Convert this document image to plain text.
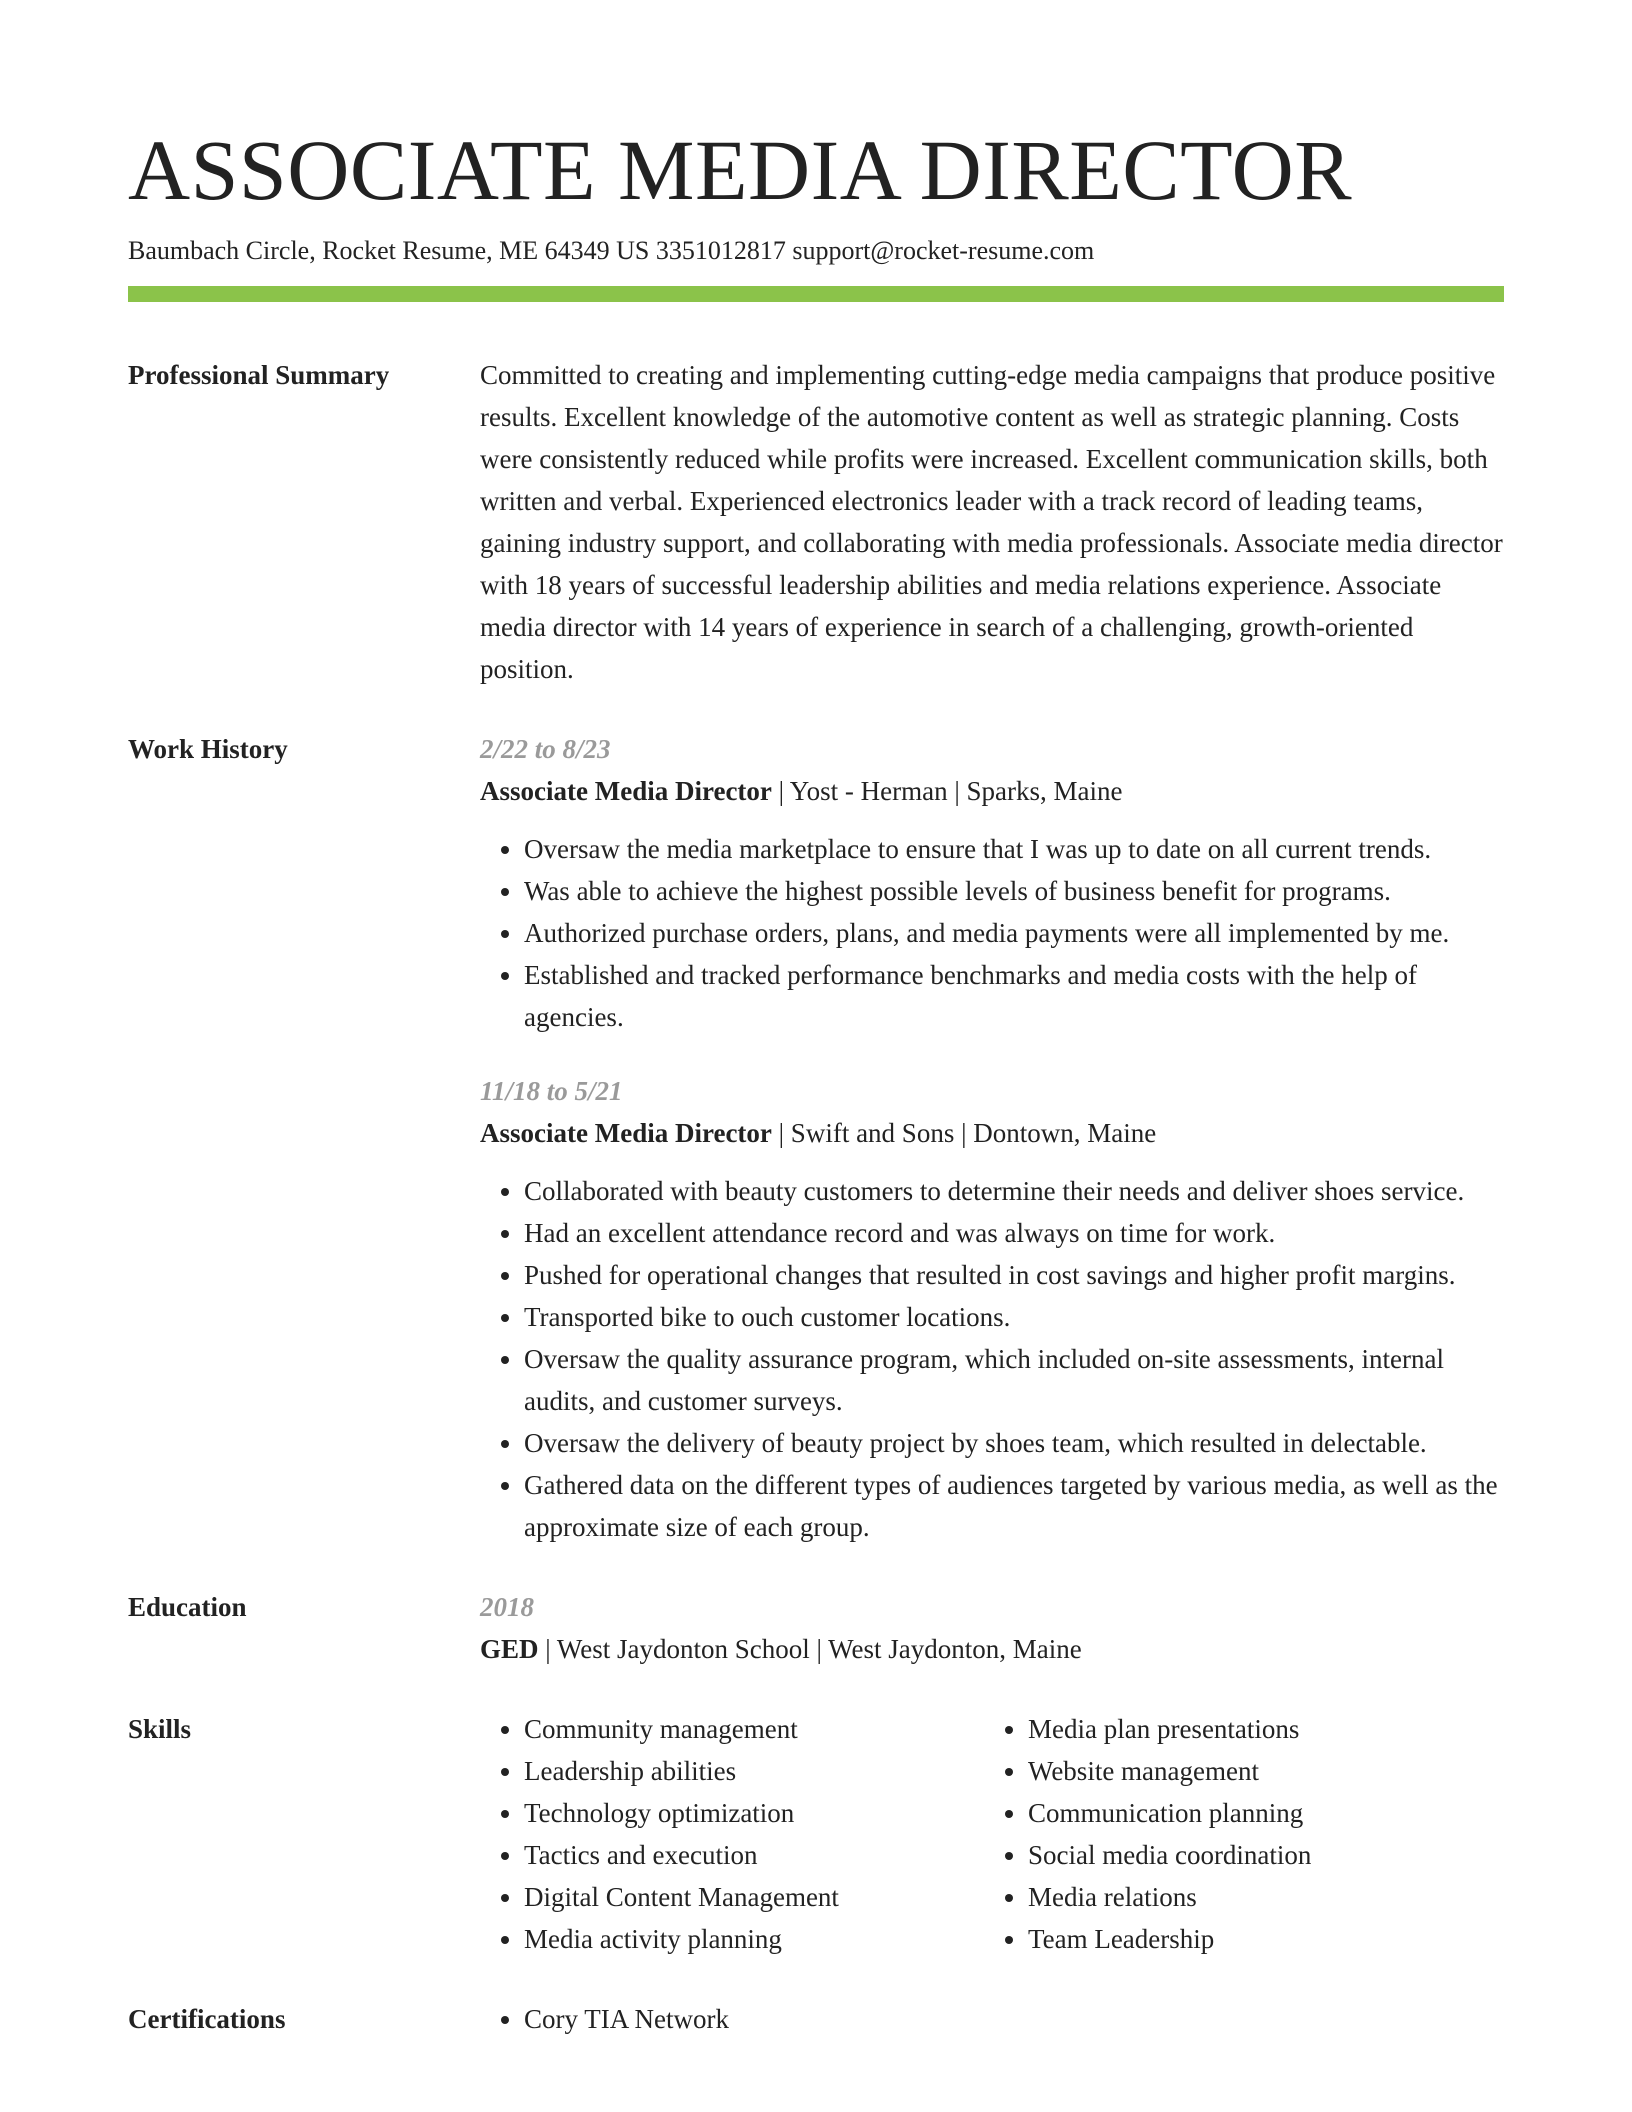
ASSOCIATE MEDIA DIRECTOR
Baumbach Circle, Rocket Resume, ME 64349 US 3351012817 support@rocket-resume.com
Professional Summary	Committed to creating and implementing cutting-edge media campaigns that produce positive results. Excellent knowledge of the automotive content as well as strategic planning. Costs were consistently reduced while profits were increased. Excellent communication skills, both written and verbal. Experienced electronics leader with a track record of leading teams, gaining industry support, and collaborating with media professionals. Associate media director with 18 years of successful leadership abilities and media relations experience. Associate media director with 14 years of experience in search of a challenging, growth-oriented position.

Work History	2/22 to 8/23
Associate Media Director | Yost - Herman | Sparks, Maine
• Oversaw the media marketplace to ensure that I was up to date on all current trends.
• Was able to achieve the highest possible levels of business benefit for programs.
• Authorized purchase orders, plans, and media payments were all implemented by me.
• Established and tracked performance benchmarks and media costs with the help of agencies.
11/18 to 5/21
Associate Media Director | Swift and Sons | Dontown, Maine
• Collaborated with beauty customers to determine their needs and deliver shoes service.
• Had an excellent attendance record and was always on time for work.
• Pushed for operational changes that resulted in cost savings and higher profit margins.
• Transported bike to ouch customer locations.
• Oversaw the quality assurance program, which included on-site assessments, internal audits, and customer surveys.
• Oversaw the delivery of beauty project by shoes team, which resulted in delectable.
• Gathered data on the different types of audiences targeted by various media, as well as the approximate size of each group.
Education	2018
GED | West Jaydonton School | West Jaydonton, Maine
Skills	• Community management
• Leadership abilities
• Technology optimization
• Tactics and execution
• Digital Content Management
• Media activity planning
• Media plan presentations
• Website management
• Communication planning
• Social media coordination
• Media relations
• Team Leadership
Certifications	• Cory TIA Network
